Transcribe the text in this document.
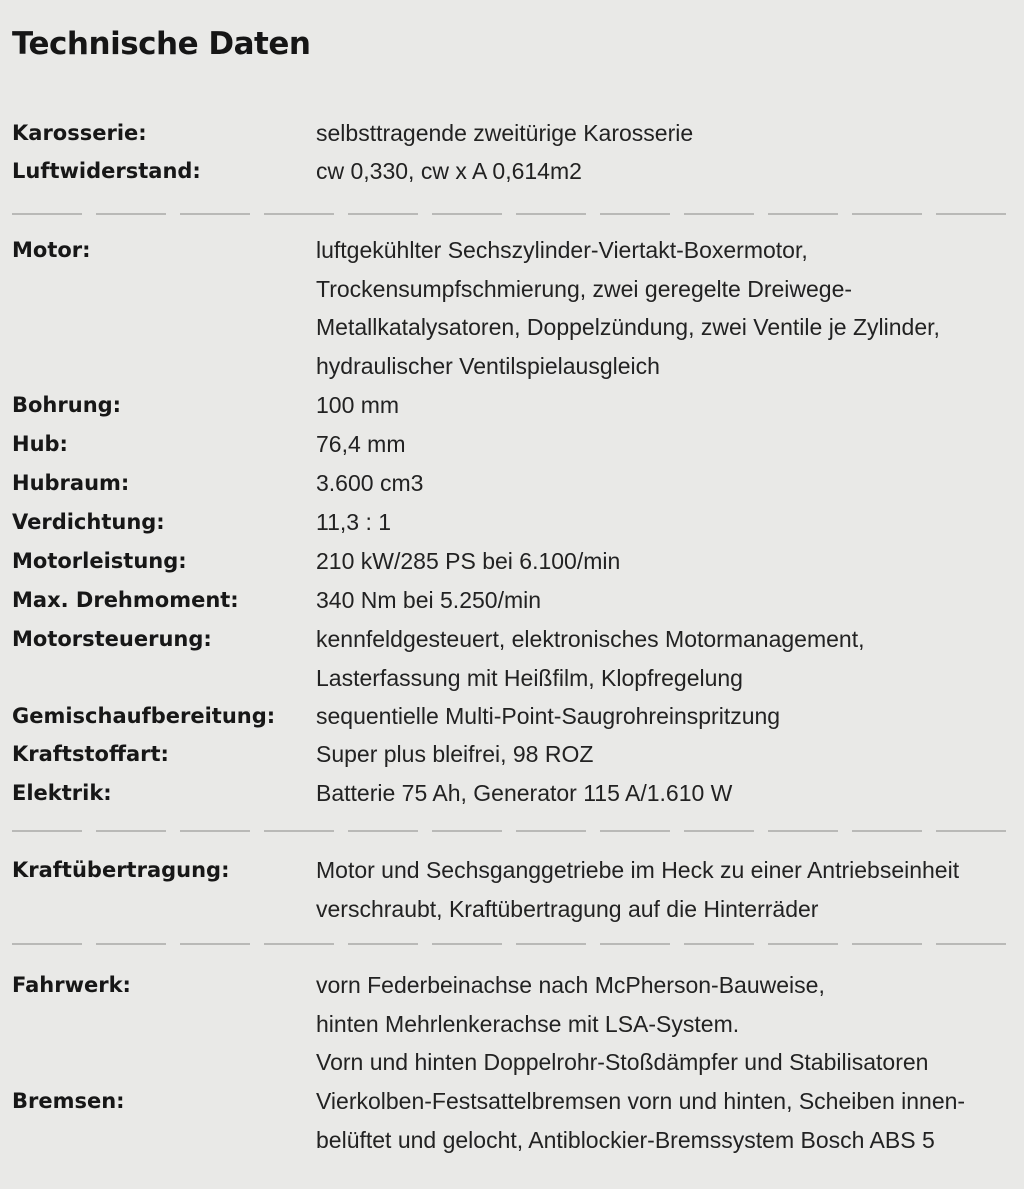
Technische Daten
Karosserie:	selbsttragende zweitürige Karosserie
Luftwiderstand:	cw 0,330, cw x A 0,614m2
Motor:	luftgekühlter Sechszylinder-Viertakt-Boxermotor,
Trockensumpfschmierung, zwei geregelte Dreiwege-
Metallkatalysatoren, Doppelzündung, zwei Ventile je Zylinder,
hydraulischer Ventilspielausgleich
Bohrung:	100 mm
Hub:	76,4 mm
Hubraum:	3.600 cm3
Verdichtung:	11,3 : 1
Motorleistung:	210 kW/285 PS bei 6.100/min
Max. Drehmoment:	340 Nm bei 5.250/min
Motorsteuerung:	kennfeldgesteuert, elektronisches Motormanagement,
Lasterfassung mit Heißfilm, Klopfregelung
Gemischaufbereitung: sequentielle Multi-Point-Saugrohreinspritzung
Kraftstoffart:	Super plus bleifrei, 98 ROZ
Elektrik:	Batterie 75 Ah, Generator 115 A/1.610 W
Kraftübertragung:	Motor und Sechsganggetriebe im Heck zu einer Antriebseinheit
verschraubt, Kraftübertragung auf die Hinterräder
Fahrwerk:	vorn Federbeinachse nach McPherson-Bauweise,
hinten Mehrlenkerachse mit LSA-System.
Vorn und hinten Doppelrohr-Stoßdämpfer und Stabilisatoren
Bremsen:	Vierkolben-Festsattelbremsen vorn und hinten, Scheiben innen-
belüftet und gelocht, Antiblockier-Bremssystem Bosch ABS 5
